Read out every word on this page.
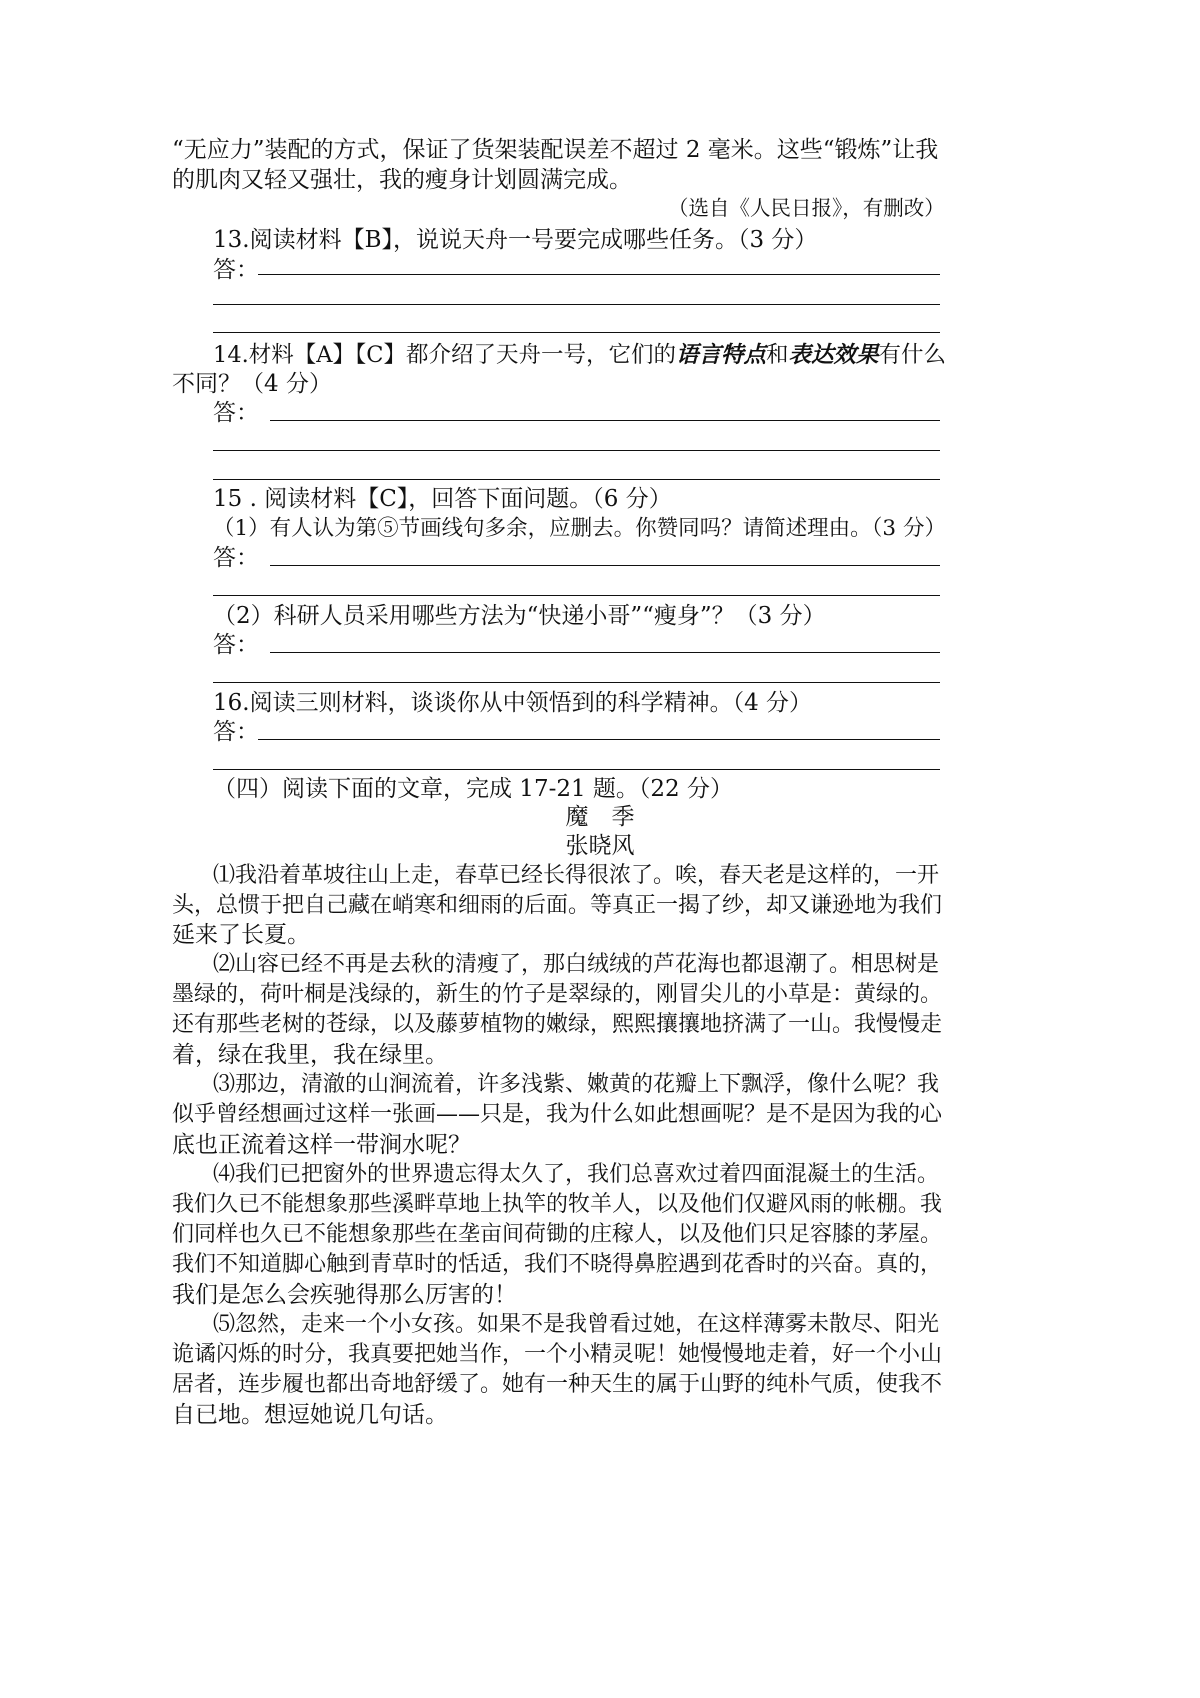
“无应力”装配的方式，保证了货架装配误差不超过 2 毫米。这些“锻炼”让我
的肌肉又轻又强壮，我的瘦身计划圆满完成。
（选自《人民日报》，有删改）
13.阅读材料【B】，说说天舟一号要完成哪些任务。（3 分）
答：
14.材料【A】【C】都介绍了天舟一号，它们的语言特点和表达效果有什么
不同？（4 分）
答：
15 . 阅读材料【C】，回答下面问题。（6 分）
（1）有人认为第⑤节画线句多余，应删去。你赞同吗？请简述理由。（3 分）
答：
（2）科研人员采用哪些方法为“快递小哥”“瘦身”？（3 分）
答：
16.阅读三则材料，谈谈你从中领悟到的科学精神。（4 分）
答：
（四）阅读下面的文章，完成 17-21 题。（22 分）
魔　季
张晓风
⑴我沿着革坡往山上走，春草已经长得很浓了。唉，春天老是这样的，一开
头，总惯于把自己藏在峭寒和细雨的后面。等真正一揭了纱，却又谦逊地为我们
延来了长夏。
⑵山容已经不再是去秋的清瘦了，那白绒绒的芦花海也都退潮了。相思树是
墨绿的，荷叶桐是浅绿的，新生的竹子是翠绿的，刚冒尖儿的小草是：黄绿的。
还有那些老树的苍绿，以及藤萝植物的嫩绿，熙熙攘攘地挤满了一山。我慢慢走
着，绿在我里，我在绿里。
⑶那边，清澈的山涧流着，许多浅紫、嫩黄的花瓣上下飘浮，像什么呢？我
似乎曾经想画过这样一张画——只是，我为什么如此想画呢？是不是因为我的心
底也正流着这样一带涧水呢？
⑷我们已把窗外的世界遗忘得太久了，我们总喜欢过着四面混凝土的生活。
我们久已不能想象那些溪畔草地上执竿的牧羊人，以及他们仅避风雨的帐棚。我
们同样也久已不能想象那些在垄亩间荷锄的庄稼人，以及他们只足容膝的茅屋。
我们不知道脚心触到青草时的恬适，我们不晓得鼻腔遇到花香时的兴奋。真的，
我们是怎么会疾驰得那么厉害的！
⑸忽然，走来一个小女孩。如果不是我曾看过她，在这样薄雾未散尽、阳光
诡谲闪烁的时分，我真要把她当作，一个小精灵呢！她慢慢地走着，好一个小山
居者，连步履也都出奇地舒缓了。她有一种天生的属于山野的纯朴气质，使我不
自已地。想逗她说几句话。
